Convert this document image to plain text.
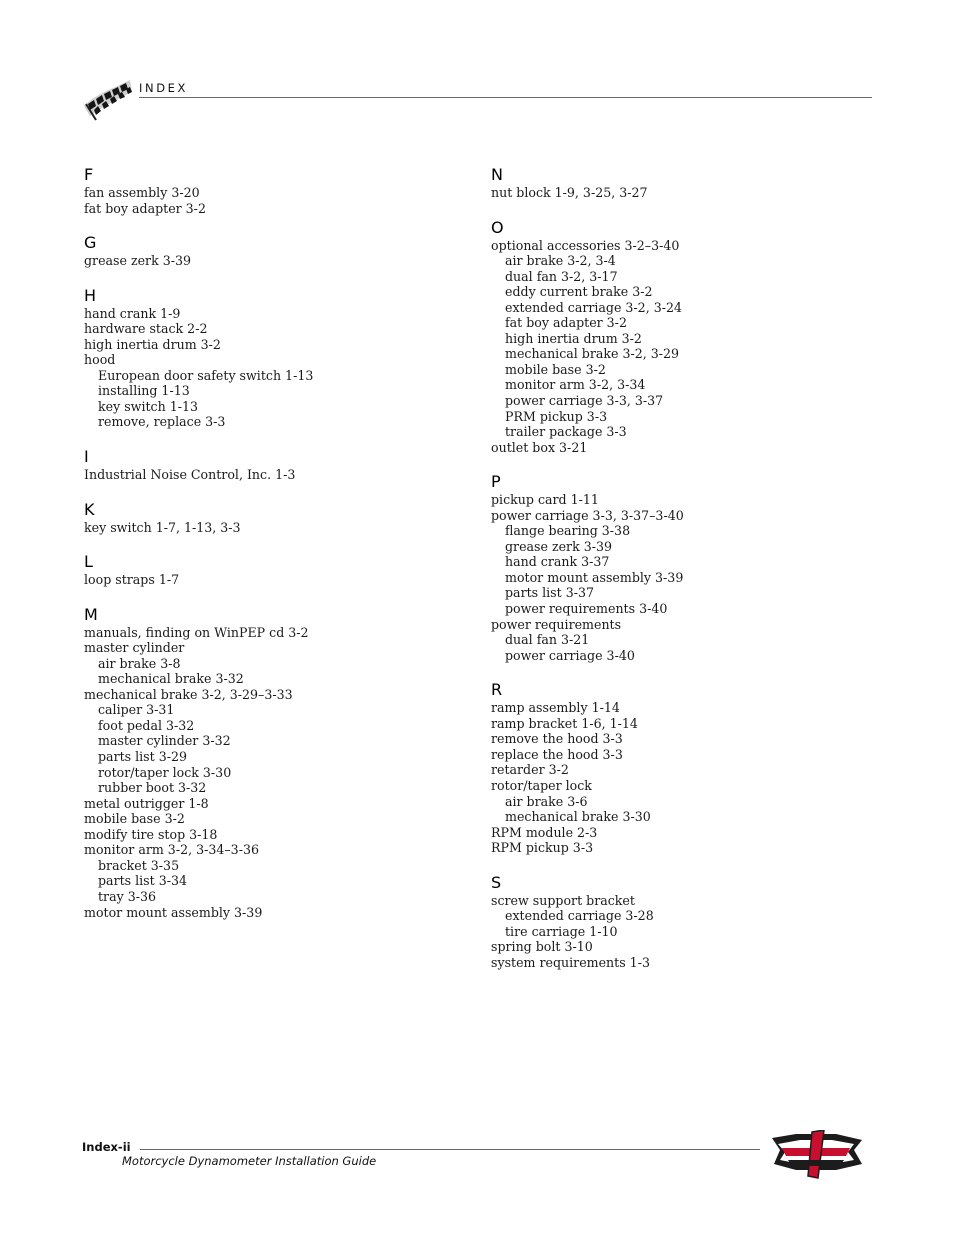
INDEX
F
fan assembly 3-20
fat boy adapter 3-2
G
grease zerk 3-39
H
hand crank 1-9
hardware stack 2-2
high inertia drum 3-2
hood
European door safety switch 1-13
installing 1-13
key switch 1-13
remove, replace 3-3
I
Industrial Noise Control, Inc. 1-3
K
key switch 1-7, 1-13, 3-3
L
loop straps 1-7
M
manuals, finding on WinPEP cd 3-2
master cylinder
air brake 3-8
mechanical brake 3-32
mechanical brake 3-2, 3-29–3-33
caliper 3-31
foot pedal 3-32
master cylinder 3-32
parts list 3-29
rotor/taper lock 3-30
rubber boot 3-32
metal outrigger 1-8
mobile base 3-2
modify tire stop 3-18
monitor arm 3-2, 3-34–3-36
bracket 3-35
parts list 3-34
tray 3-36
motor mount assembly 3-39
N
nut block 1-9, 3-25, 3-27
O
optional accessories 3-2–3-40
air brake 3-2, 3-4
dual fan 3-2, 3-17
eddy current brake 3-2
extended carriage 3-2, 3-24
fat boy adapter 3-2
high inertia drum 3-2
mechanical brake 3-2, 3-29
mobile base 3-2
monitor arm 3-2, 3-34
power carriage 3-3, 3-37
PRM pickup 3-3
trailer package 3-3
outlet box 3-21
P
pickup card 1-11
power carriage 3-3, 3-37–3-40
flange bearing 3-38
grease zerk 3-39
hand crank 3-37
motor mount assembly 3-39
parts list 3-37
power requirements 3-40
power requirements
dual fan 3-21
power carriage 3-40
R
ramp assembly 1-14
ramp bracket 1-6, 1-14
remove the hood 3-3
replace the hood 3-3
retarder 3-2
rotor/taper lock
air brake 3-6
mechanical brake 3-30
RPM module 2-3
RPM pickup 3-3
S
screw support bracket
extended carriage 3-28
tire carriage 1-10
spring bolt 3-10
system requirements 1-3
Index-ii
Motorcycle Dynamometer Installation Guide
